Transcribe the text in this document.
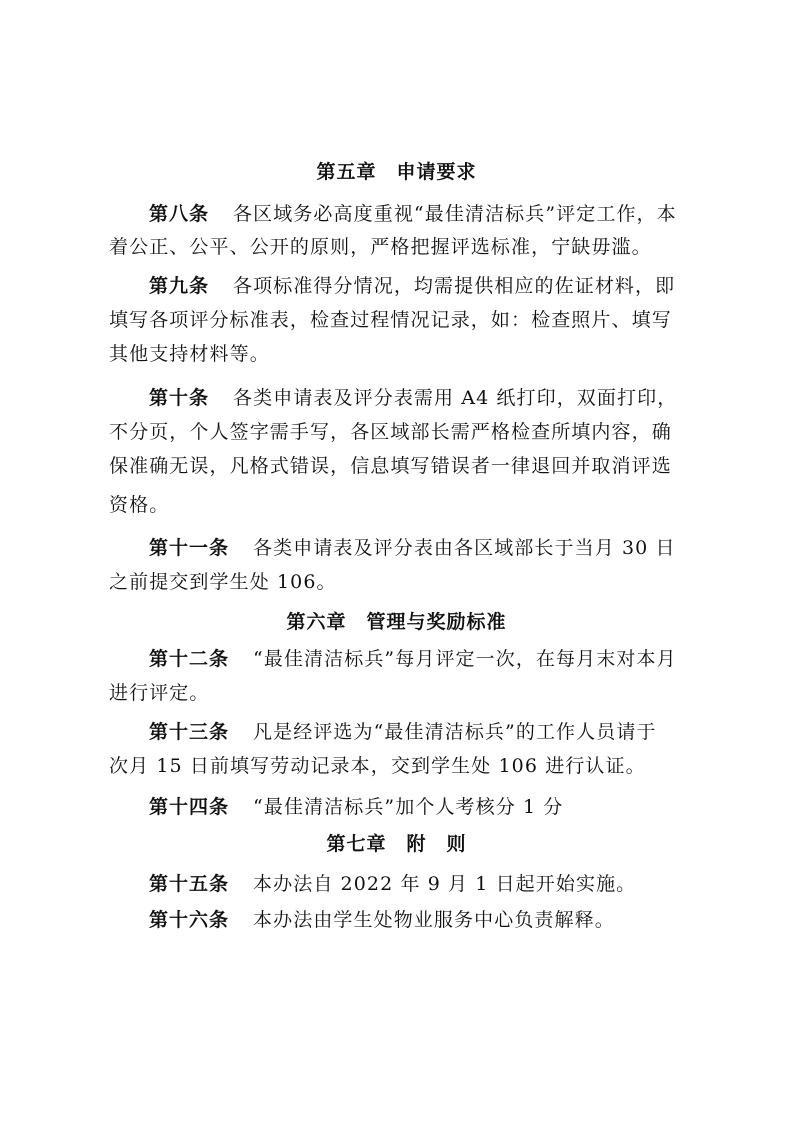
第五章　申请要求
第八条 各区域务必高度重视“最佳清洁标兵”评定工作，本
着公正、公平、公开的原则，严格把握评选标准，宁缺毋滥。
第九条 各项标准得分情况，均需提供相应的佐证材料，即
填写各项评分标准表，检查过程情况记录，如：检查照片、填写
其他支持材料等。
第十条 各类申请表及评分表需用 A4 纸打印，双面打印，
不分页，个人签字需手写，各区域部长需严格检查所填内容，确
保准确无误，凡格式错误，信息填写错误者一律退回并取消评选
资格。
第十一条 各类申请表及评分表由各区域部长于当月 30 日
之前提交到学生处 106。
第六章　管理与奖励标准
第十二条 “最佳清洁标兵”每月评定一次，在每月末对本月
进行评定。
第十三条 凡是经评选为“最佳清洁标兵”的工作人员请于
次月 15 日前填写劳动记录本，交到学生处 106 进行认证。
第十四条 “最佳清洁标兵”加个人考核分 1 分
第七章　附　则
第十五条 本办法自 2022 年 9 月 1 日起开始实施。
第十六条 本办法由学生处物业服务中心负责解释。
